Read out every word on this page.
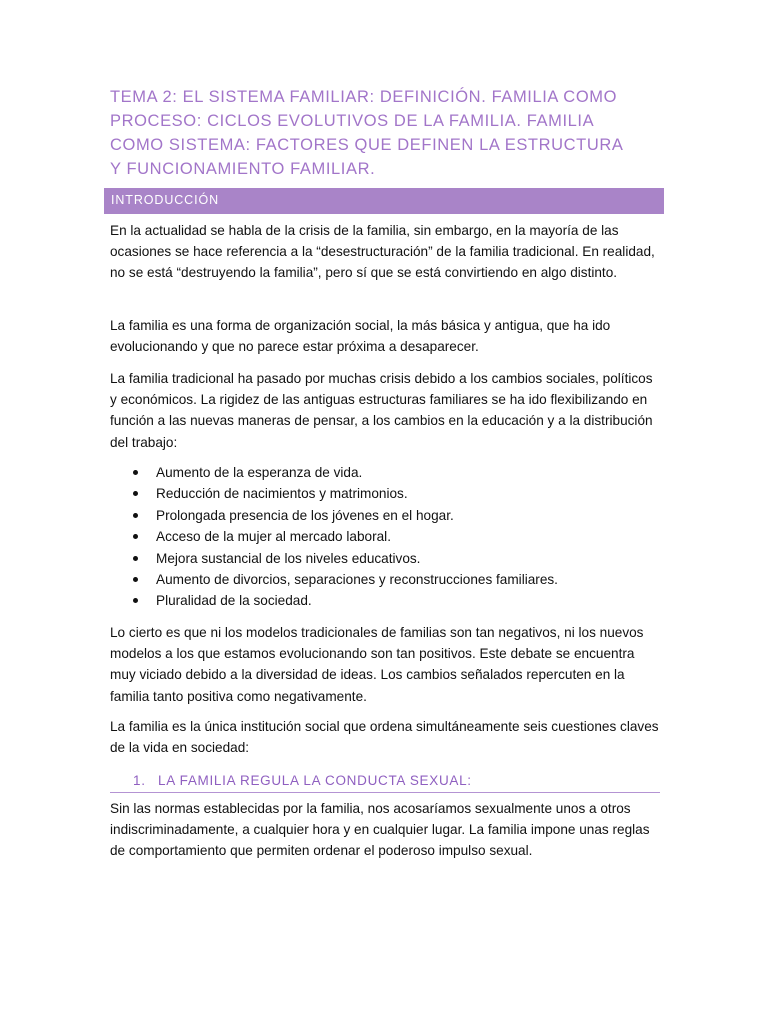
TEMA 2: EL SISTEMA FAMILIAR: DEFINICIÓN. FAMILIA COMO PROCESO: CICLOS EVOLUTIVOS DE LA FAMILIA. FAMILIA COMO SISTEMA: FACTORES QUE DEFINEN LA ESTRUCTURA Y FUNCIONAMIENTO FAMILIAR.
INTRODUCCIÓN

En la actualidad se habla de la crisis de la familia, sin embargo, en la mayoría de las ocasiones se hace referencia a la “desestructuración” de la familia tradicional. En realidad, no se está “destruyendo la familia”, pero sí que se está convirtiendo en algo distinto.

La familia es una forma de organización social, la más básica y antigua, que ha ido evolucionando y que no parece estar próxima a desaparecer.

La familia tradicional ha pasado por muchas crisis debido a los cambios sociales, políticos y económicos. La rigidez de las antiguas estructuras familiares se ha ido flexibilizando en función a las nuevas maneras de pensar, a los cambios en la educación y a la distribución del trabajo:

Aumento de la esperanza de vida.
Reducción de nacimientos y matrimonios.
Prolongada presencia de los jóvenes en el hogar.
Acceso de la mujer al mercado laboral.
Mejora sustancial de los niveles educativos.
Aumento de divorcios, separaciones y reconstrucciones familiares.
Pluralidad de la sociedad.

Lo cierto es que ni los modelos tradicionales de familias son tan negativos, ni los nuevos modelos a los que estamos evolucionando son tan positivos. Este debate se encuentra muy viciado debido a la diversidad de ideas. Los cambios señalados repercuten en la familia tanto positiva como negativamente.

La familia es la única institución social que ordena simultáneamente seis cuestiones claves de la vida en sociedad:

1. LA FAMILIA REGULA LA CONDUCTA SEXUAL:

Sin las normas establecidas por la familia, nos acosaríamos sexualmente unos a otros indiscriminadamente, a cualquier hora y en cualquier lugar. La familia impone unas reglas de comportamiento que permiten ordenar el poderoso impulso sexual.
